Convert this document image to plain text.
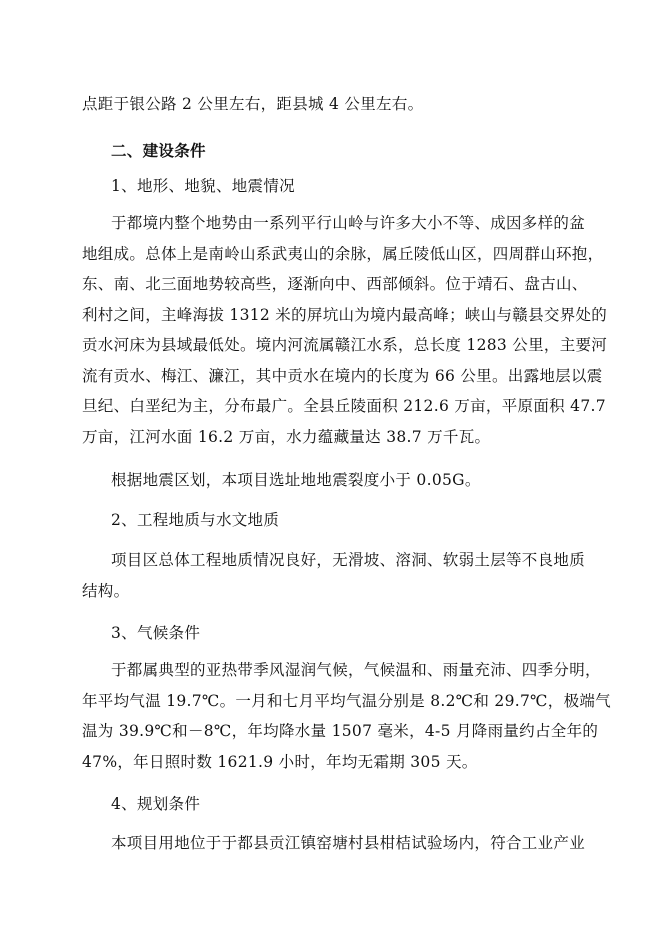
点距于银公路 2 公里左右，距县城 4 公里左右。

二、建设条件

1、地形、地貌、地震情况

于都境内整个地势由一系列平行山岭与许多大小不等、成因多样的盆
地组成。总体上是南岭山系武夷山的余脉，属丘陵低山区，四周群山环抱，
东、南、北三面地势较高些，逐渐向中、西部倾斜。位于靖石、盘古山、
利村之间，主峰海拔 1312 米的屏坑山为境内最高峰；峡山与赣县交界处的
贡水河床为县域最低处。境内河流属赣江水系，总长度 1283 公里，主要河
流有贡水、梅江、濂江，其中贡水在境内的长度为 66 公里。出露地层以震
旦纪、白垩纪为主，分布最广。全县丘陵面积 212.6 万亩，平原面积 47.7
万亩，江河水面 16.2 万亩，水力蕴藏量达 38.7 万千瓦。

根据地震区划，本项目选址地地震裂度小于 0.05G。

2、工程地质与水文地质

项目区总体工程地质情况良好，无滑坡、溶洞、软弱土层等不良地质
结构。

3、气候条件

于都属典型的亚热带季风湿润气候，气候温和、雨量充沛、四季分明，
年平均气温 19.7℃。一月和七月平均气温分别是 8.2℃和 29.7℃，极端气
温为 39.9℃和－8℃，年均降水量 1507 毫米，4-5 月降雨量约占全年的
47%，年日照时数 1621.9 小时，年均无霜期 305 天。

4、规划条件

本项目用地位于于都县贡江镇窑塘村县柑桔试验场内，符合工业产业
